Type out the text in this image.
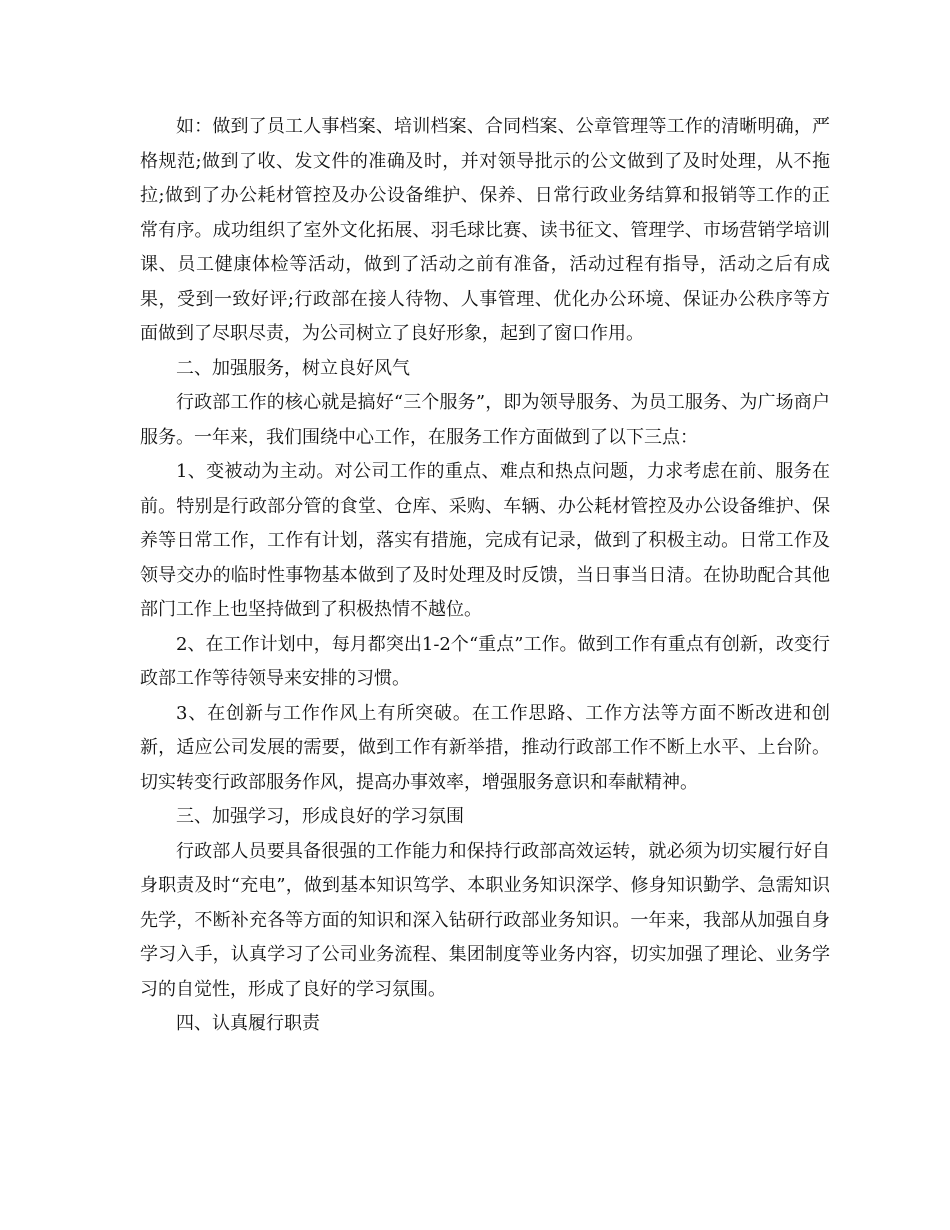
如：做到了员工人事档案、培训档案、合同档案、公章管理等工作的清晰明确，严格规范;做到了收、发文件的准确及时，并对领导批示的公文做到了及时处理，从不拖拉;做到了办公耗材管控及办公设备维护、保养、日常行政业务结算和报销等工作的正常有序。成功组织了室外文化拓展、羽毛球比赛、读书征文、管理学、市场营销学培训课、员工健康体检等活动，做到了活动之前有准备，活动过程有指导，活动之后有成果，受到一致好评;行政部在接人待物、人事管理、优化办公环境、保证办公秩序等方面做到了尽职尽责，为公司树立了良好形象，起到了窗口作用。

二、加强服务，树立良好风气

行政部工作的核心就是搞好“三个服务”，即为领导服务、为员工服务、为广场商户服务。一年来，我们围绕中心工作，在服务工作方面做到了以下三点：

1、变被动为主动。对公司工作的重点、难点和热点问题，力求考虑在前、服务在前。特别是行政部分管的食堂、仓库、采购、车辆、办公耗材管控及办公设备维护、保养等日常工作，工作有计划，落实有措施，完成有记录，做到了积极主动。日常工作及领导交办的临时性事物基本做到了及时处理及时反馈，当日事当日清。在协助配合其他部门工作上也坚持做到了积极热情不越位。

2、在工作计划中，每月都突出1-2个“重点”工作。做到工作有重点有创新，改变行政部工作等待领导来安排的习惯。

3、在创新与工作作风上有所突破。在工作思路、工作方法等方面不断改进和创新，适应公司发展的需要，做到工作有新举措，推动行政部工作不断上水平、上台阶。切实转变行政部服务作风，提高办事效率，增强服务意识和奉献精神。

三、加强学习，形成良好的学习氛围

行政部人员要具备很强的工作能力和保持行政部高效运转，就必须为切实履行好自身职责及时“充电”，做到基本知识笃学、本职业务知识深学、修身知识勤学、急需知识先学，不断补充各等方面的知识和深入钻研行政部业务知识。一年来，我部从加强自身学习入手，认真学习了公司业务流程、集团制度等业务内容，切实加强了理论、业务学习的自觉性，形成了良好的学习氛围。

四、认真履行职责
